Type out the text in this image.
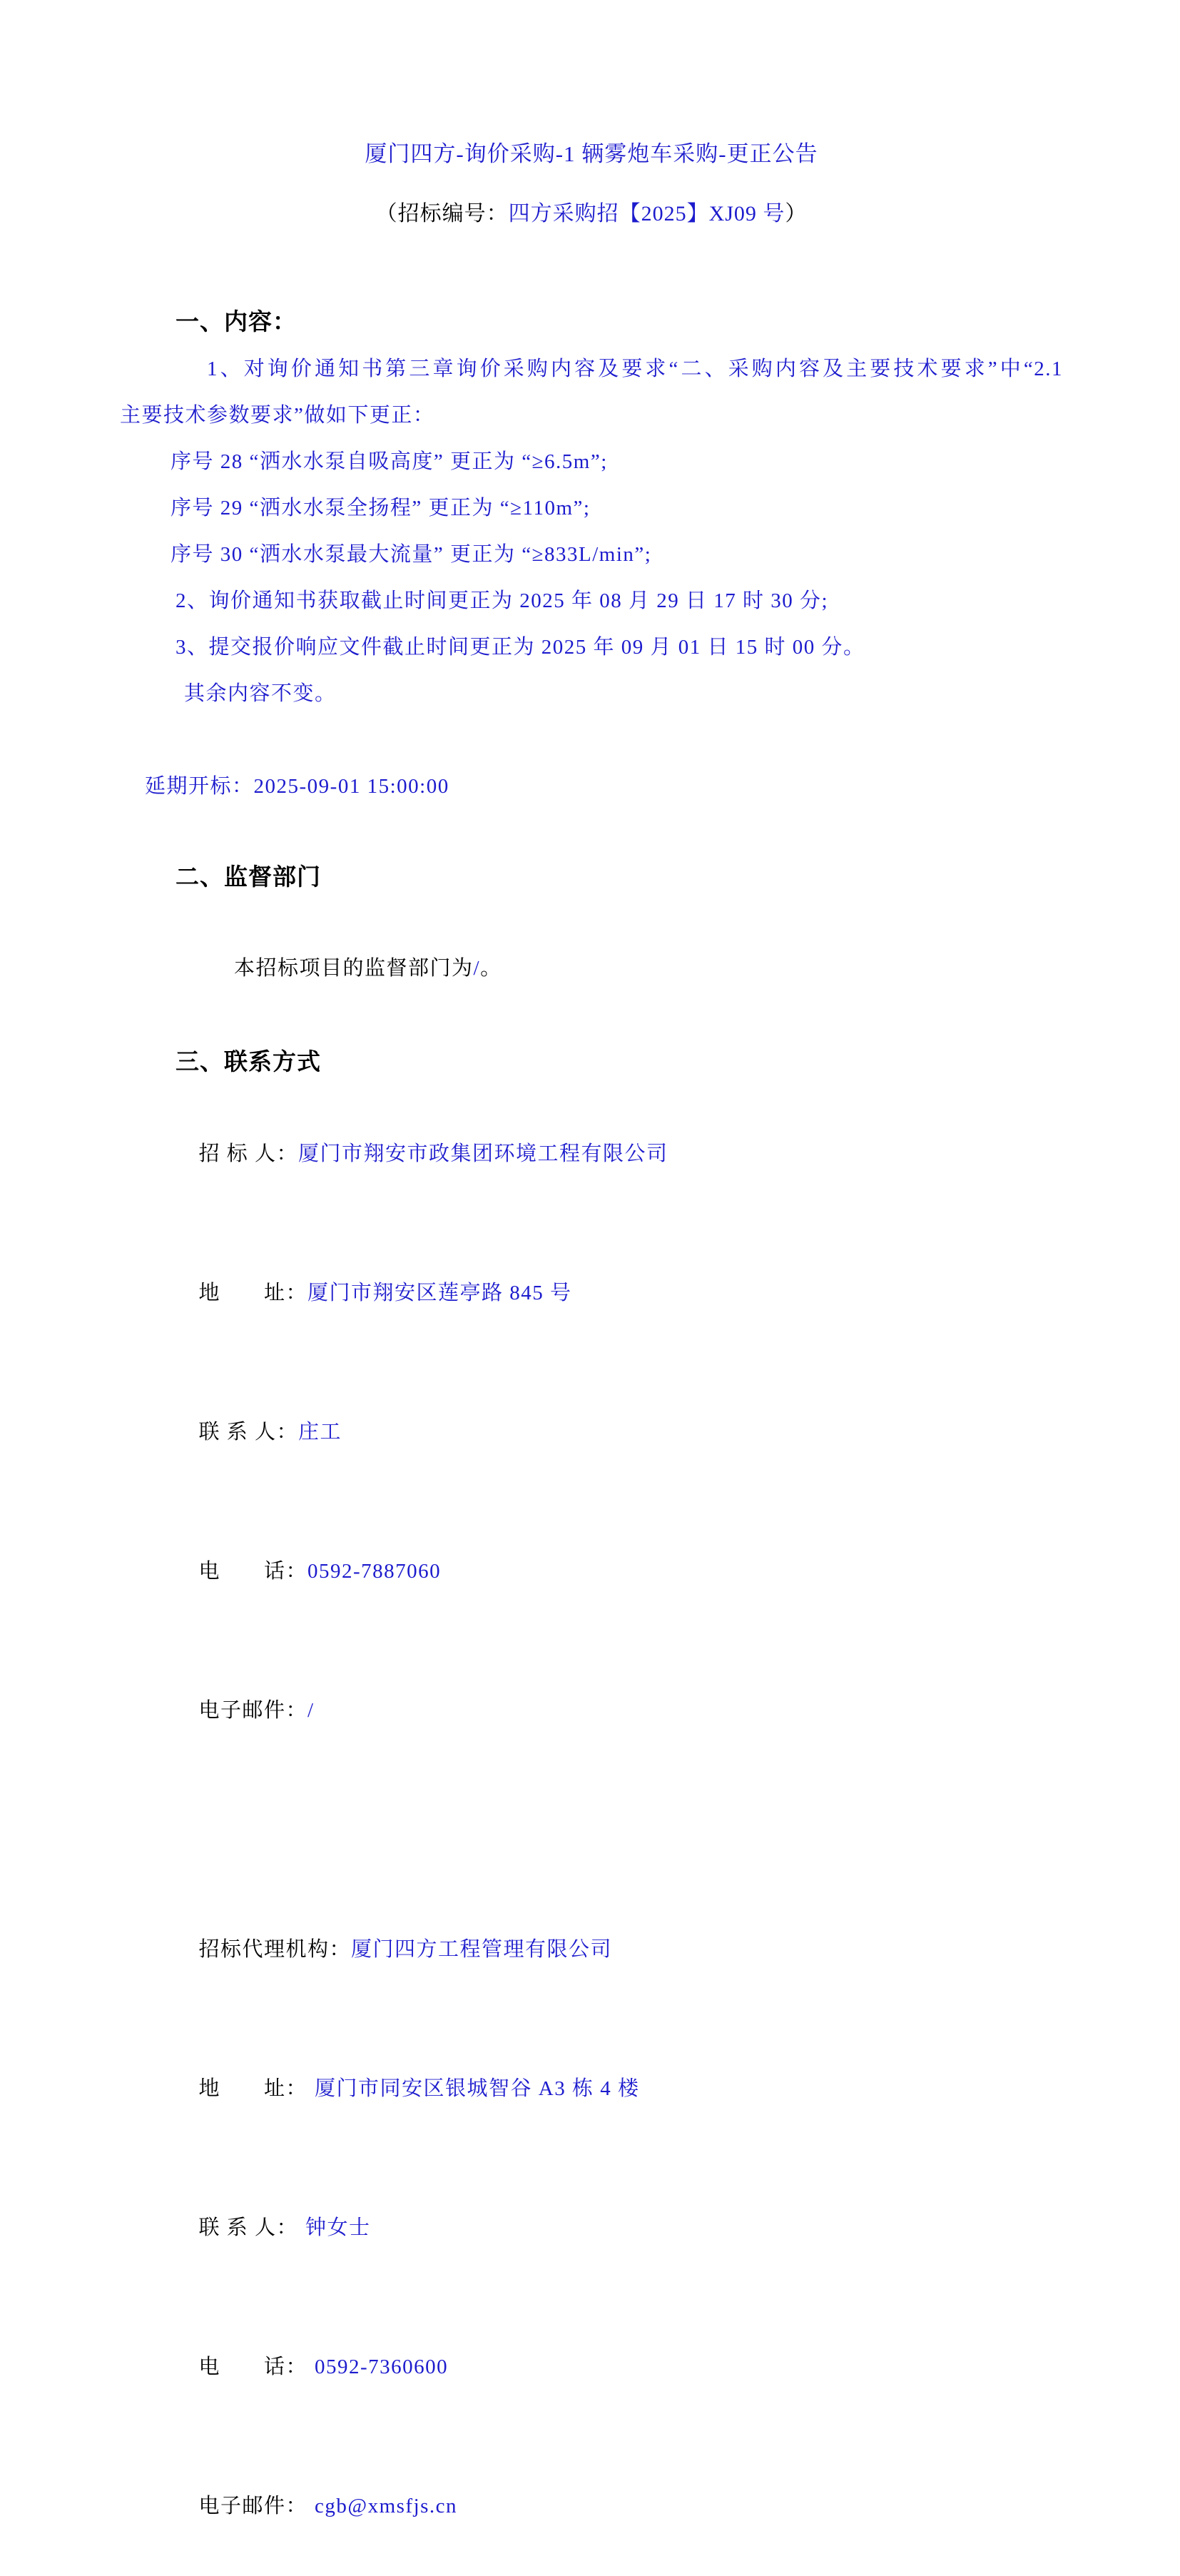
厦门四方-询价采购-1 辆雾炮车采购-更正公告
（招标编号：四方采购招【2025】XJ09 号）
一、内容：
1、对询价通知书第三章询价采购内容及要求“二、采购内容及主要技术要求”中“2.1
主要技术参数要求”做如下更正：
序号 28 “洒水水泵自吸高度” 更正为 “≥6.5m”;
序号 29 “洒水水泵全扬程” 更正为 “≥110m”;
序号 30 “洒水水泵最大流量” 更正为 “≥833L/min”;
2、询价通知书获取截止时间更正为 2025 年 08 月 29 日 17 时 30 分;
3、提交报价响应文件截止时间更正为 2025 年 09 月 01 日 15 时 00 分。
其余内容不变。

延期开标：2025-09-01 15:00:00

二、监督部门

本招标项目的监督部门为/。

三、联系方式

招 标 人：厦门市翔安市政集团环境工程有限公司

地　　址：厦门市翔安区莲亭路 845 号

联 系 人：庄工

电　　话：0592-7887060

电子邮件：/

招标代理机构：厦门四方工程管理有限公司

地　　址： 厦门市同安区银城智谷 A3 栋 4 楼

联 系 人： 钟女士

电　　话： 0592-7360600

电子邮件： cgb@xmsfjs.cn
